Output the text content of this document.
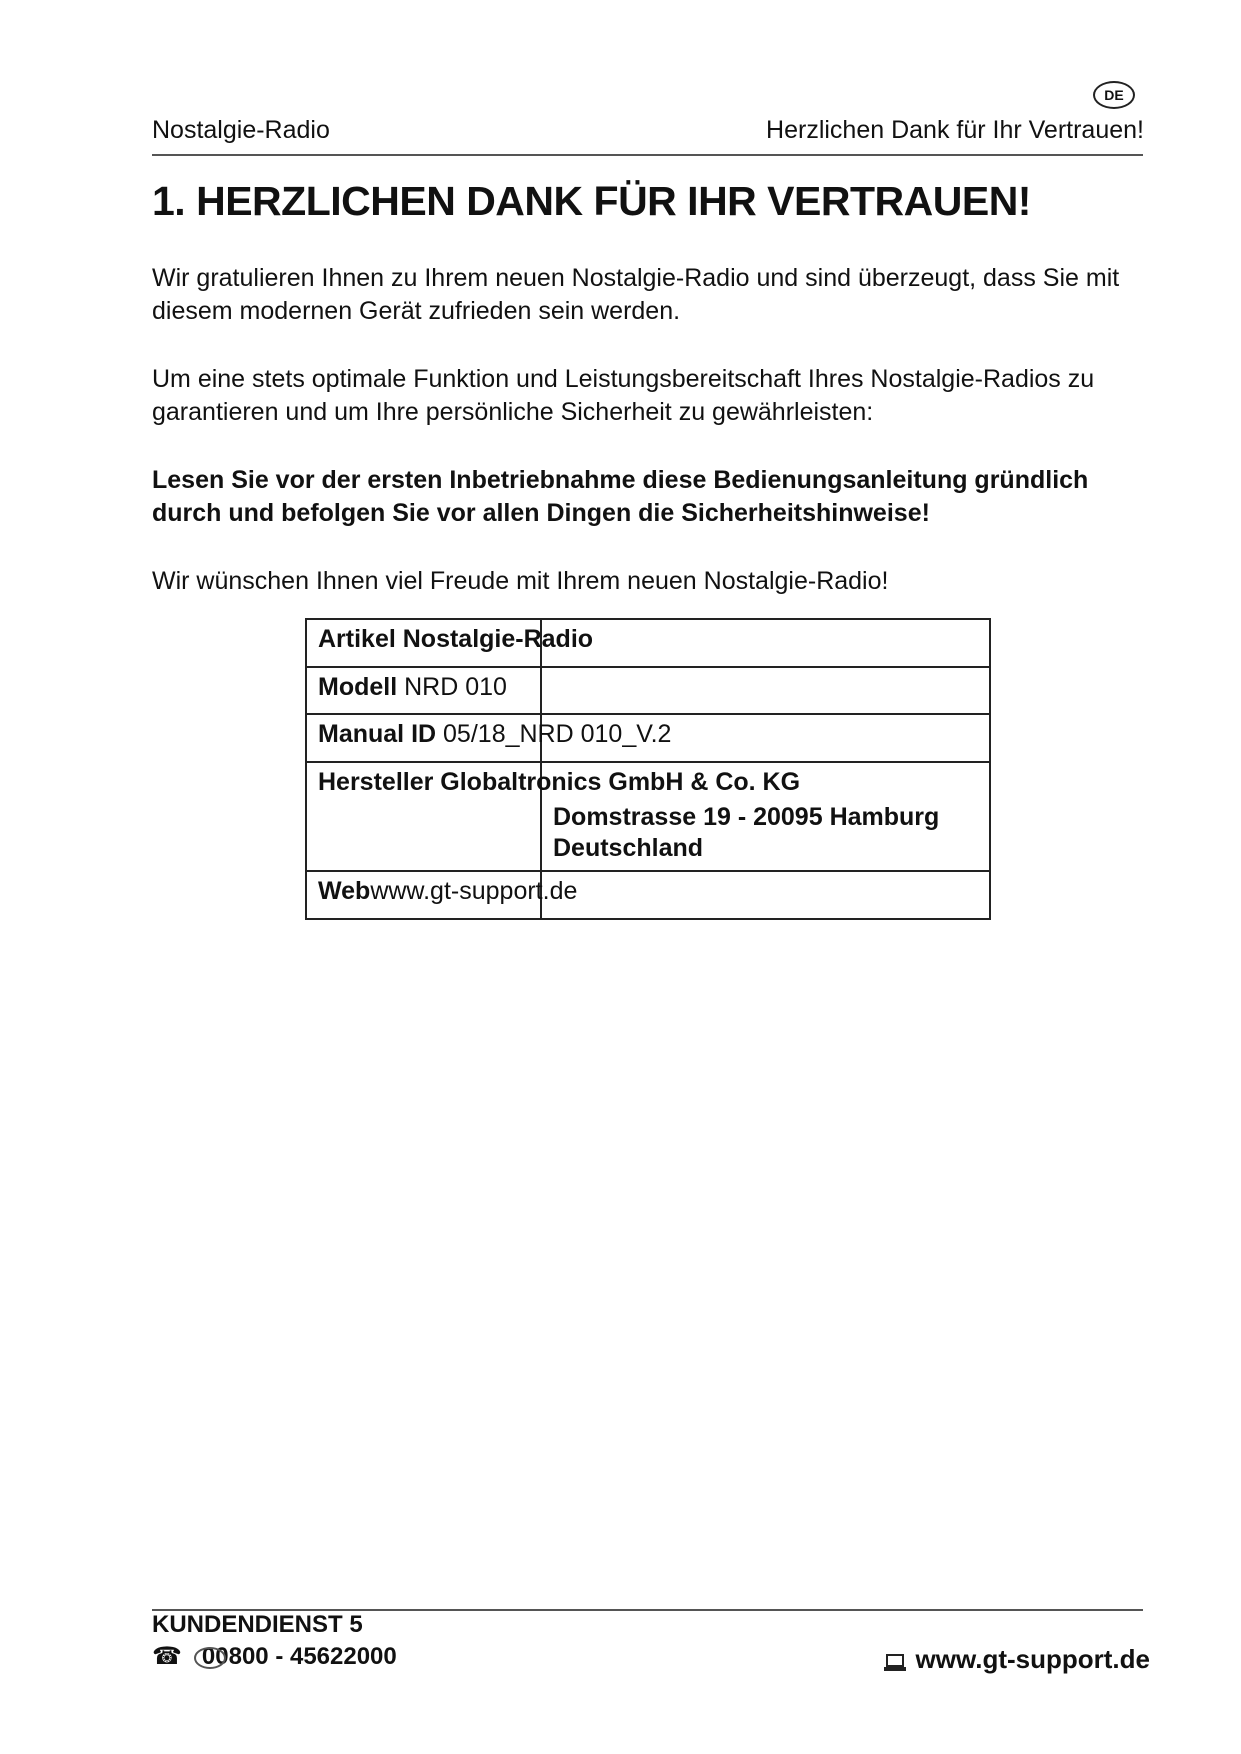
DE
Nostalgie-Radio	Herzlichen Dank für Ihr Vertrauen!
1. HERZLICHEN DANK FÜR IHR VERTRAUEN!

Wir gratulieren Ihnen zu Ihrem neuen Nostalgie-Radio und sind überzeugt, dass Sie mit diesem modernen Gerät zufrieden sein werden.

Um eine stets optimale Funktion und Leistungsbereitschaft Ihres Nostalgie-Radios zu garantieren und um Ihre persönliche Sicherheit zu gewährleisten:

Lesen Sie vor der ersten Inbetriebnahme diese Bedienungsanleitung gründlich durch und befolgen Sie vor allen Dingen die Sicherheitshinweise!

Wir wünschen Ihnen viel Freude mit Ihrem neuen Nostalgie-Radio!

Artikel Nostalgie-Radio
Modell NRD 010
Manual ID 05/18_NRD 010_V.2
Hersteller Globaltronics GmbH & Co. KG
Domstrasse 19 - 20095 Hamburg
Deutschland
Webwww.gt-support.de
KUNDENDIENST 5
☎ 00800 - 45622000	www.gt-support.de
